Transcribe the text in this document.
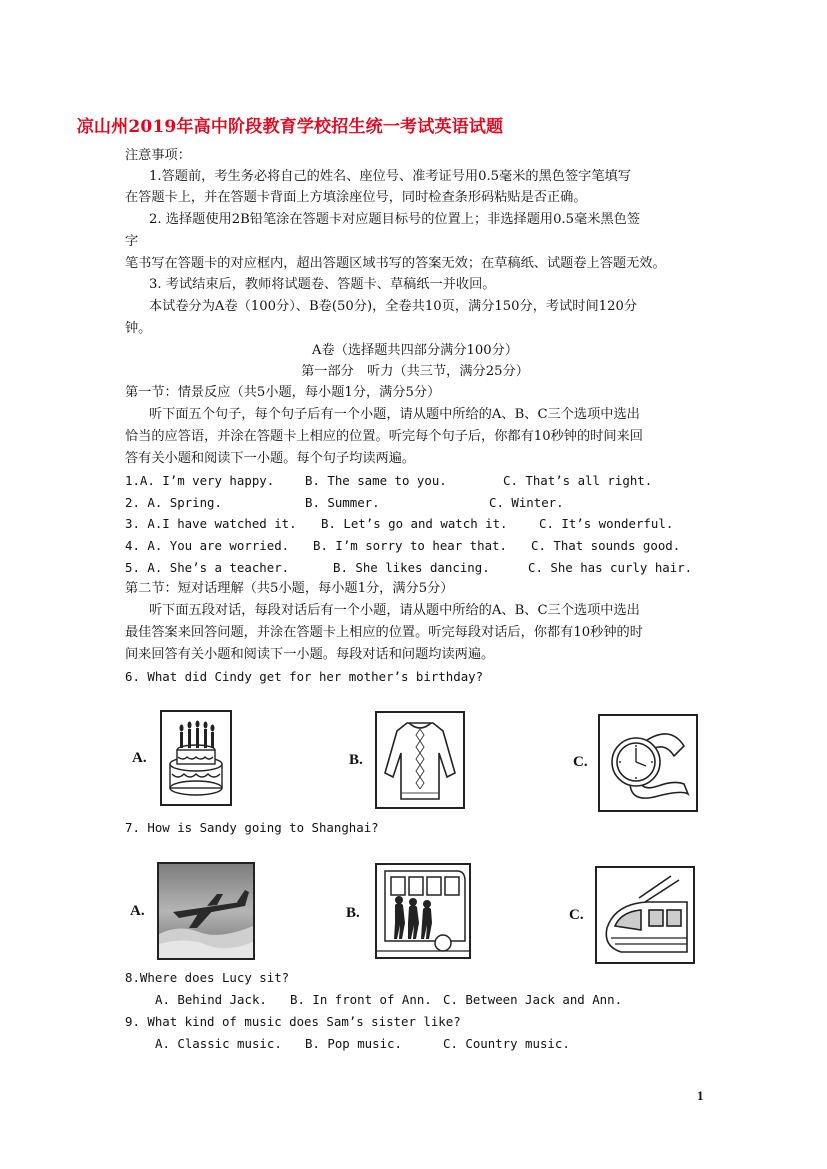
凉山州2019年高中阶段教育学校招生统一考试英语试题
注意事项：
1.答题前，考生务必将自己的姓名、座位号、准考证号用0.5毫米的黑色签字笔填写
在答题卡上，并在答题卡背面上方填涂座位号，同时检查条形码粘贴是否正确。
2. 选择题使用2B铅笔涂在答题卡对应题目标号的位置上；非选择题用0.5毫米黑色签
字
笔书写在答题卡的对应框内，超出答题区域书写的答案无效；在草稿纸、试题卷上答题无效。
3. 考试结束后，教师将试题卷、答题卡、草稿纸一并收回。
本试卷分为A卷（100分）、B卷(50分)，全卷共10页，满分150分，考试时间120分
钟。
A卷（选择题共四部分满分100分）
第一部分　听力（共三节，满分25分）
第一节：情景反应（共5小题，每小题1分，满分5分）
听下面五个句子，每个句子后有一个小题，请从题中所给的A、B、C三个选项中选出
恰当的应答语，并涂在答题卡上相应的位置。听完每个句子后，你都有10秒钟的时间来回
答有关小题和阅读下一小题。每个句子均读两遍。
1.A. I’m very happy. B. The same to you.	C. That’s all right.
2. A. Spring.	B. Summer.	C. Winter.
3. A.I have watched it. B. Let’s go and watch it.	C. It’s wonderful.
4. A. You are worried. B. I’m sorry to hear that. C. That sounds good.
5. A. She’s a teacher.	B. She likes dancing.	C. She has curly hair.
第二节：短对话理解（共5小题，每小题1分，满分5分）
听下面五段对话，每段对话后有一个小题，请从题中所给的A、B、C三个选项中选出
最佳答案来回答问题，并涂在答题卡上相应的位置。听完每段对话后，你都有10秒钟的时
间来回答有关小题和阅读下一小题。每段对话和问题均读两遍。
6. What did Cindy get for her mother’s birthday?
7. How is Sandy going to Shanghai?
8.Where does Lucy sit?
A. Behind Jack. B. In front of Ann. C. Between Jack and Ann.
9. What kind of music does Sam’s sister like?
A. Classic music. B. Pop music.	C. Country music.
A.	B.	C.
A.	B.	C.
1
